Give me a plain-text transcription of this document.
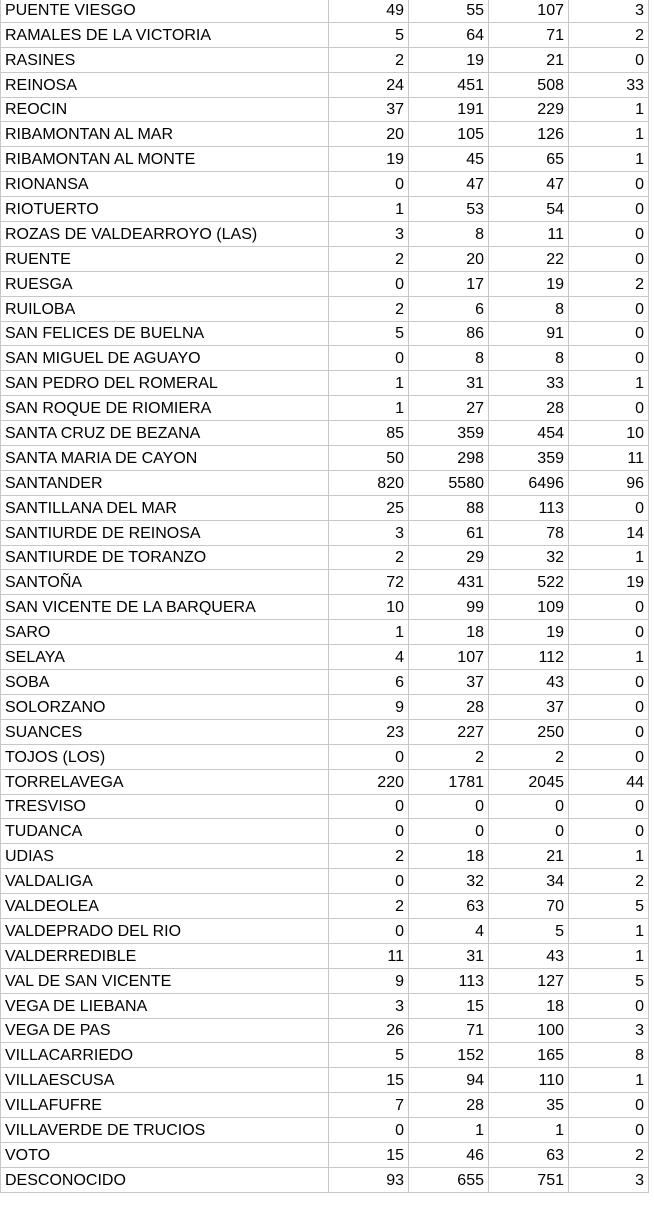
PUENTE VIESGO	49	55	107	3
RAMALES DE LA VICTORIA	5	64	71	2
RASINES	2	19	21	0
REINOSA	24	451	508	33
REOCIN	37	191	229	1
RIBAMONTAN AL MAR	20	105	126	1
RIBAMONTAN AL MONTE	19	45	65	1
RIONANSA	0	47	47	0
RIOTUERTO	1	53	54	0
ROZAS DE VALDEARROYO (LAS)	3	8	11	0
RUENTE	2	20	22	0
RUESGA	0	17	19	2
RUILOBA	2	6	8	0
SAN FELICES DE BUELNA	5	86	91	0
SAN MIGUEL DE AGUAYO	0	8	8	0
SAN PEDRO DEL ROMERAL	1	31	33	1
SAN ROQUE DE RIOMIERA	1	27	28	0
SANTA CRUZ DE BEZANA	85	359	454	10
SANTA MARIA DE CAYON	50	298	359	11
SANTANDER	820	5580	6496	96
SANTILLANA DEL MAR	25	88	113	0
SANTIURDE DE REINOSA	3	61	78	14
SANTIURDE DE TORANZO	2	29	32	1
SANTOÑA	72	431	522	19
SAN VICENTE DE LA BARQUERA	10	99	109	0
SARO	1	18	19	0
SELAYA	4	107	112	1
SOBA	6	37	43	0
SOLORZANO	9	28	37	0
SUANCES	23	227	250	0
TOJOS (LOS)	0	2	2	0
TORRELAVEGA	220	1781	2045	44
TRESVISO	0	0	0	0
TUDANCA	0	0	0	0
UDIAS	2	18	21	1
VALDALIGA	0	32	34	2
VALDEOLEA	2	63	70	5
VALDEPRADO DEL RIO	0	4	5	1
VALDERREDIBLE	11	31	43	1
VAL DE SAN VICENTE	9	113	127	5
VEGA DE LIEBANA	3	15	18	0
VEGA DE PAS	26	71	100	3
VILLACARRIEDO	5	152	165	8
VILLAESCUSA	15	94	110	1
VILLAFUFRE	7	28	35	0
VILLAVERDE DE TRUCIOS	0	1	1	0
VOTO	15	46	63	2
DESCONOCIDO	93	655	751	3
